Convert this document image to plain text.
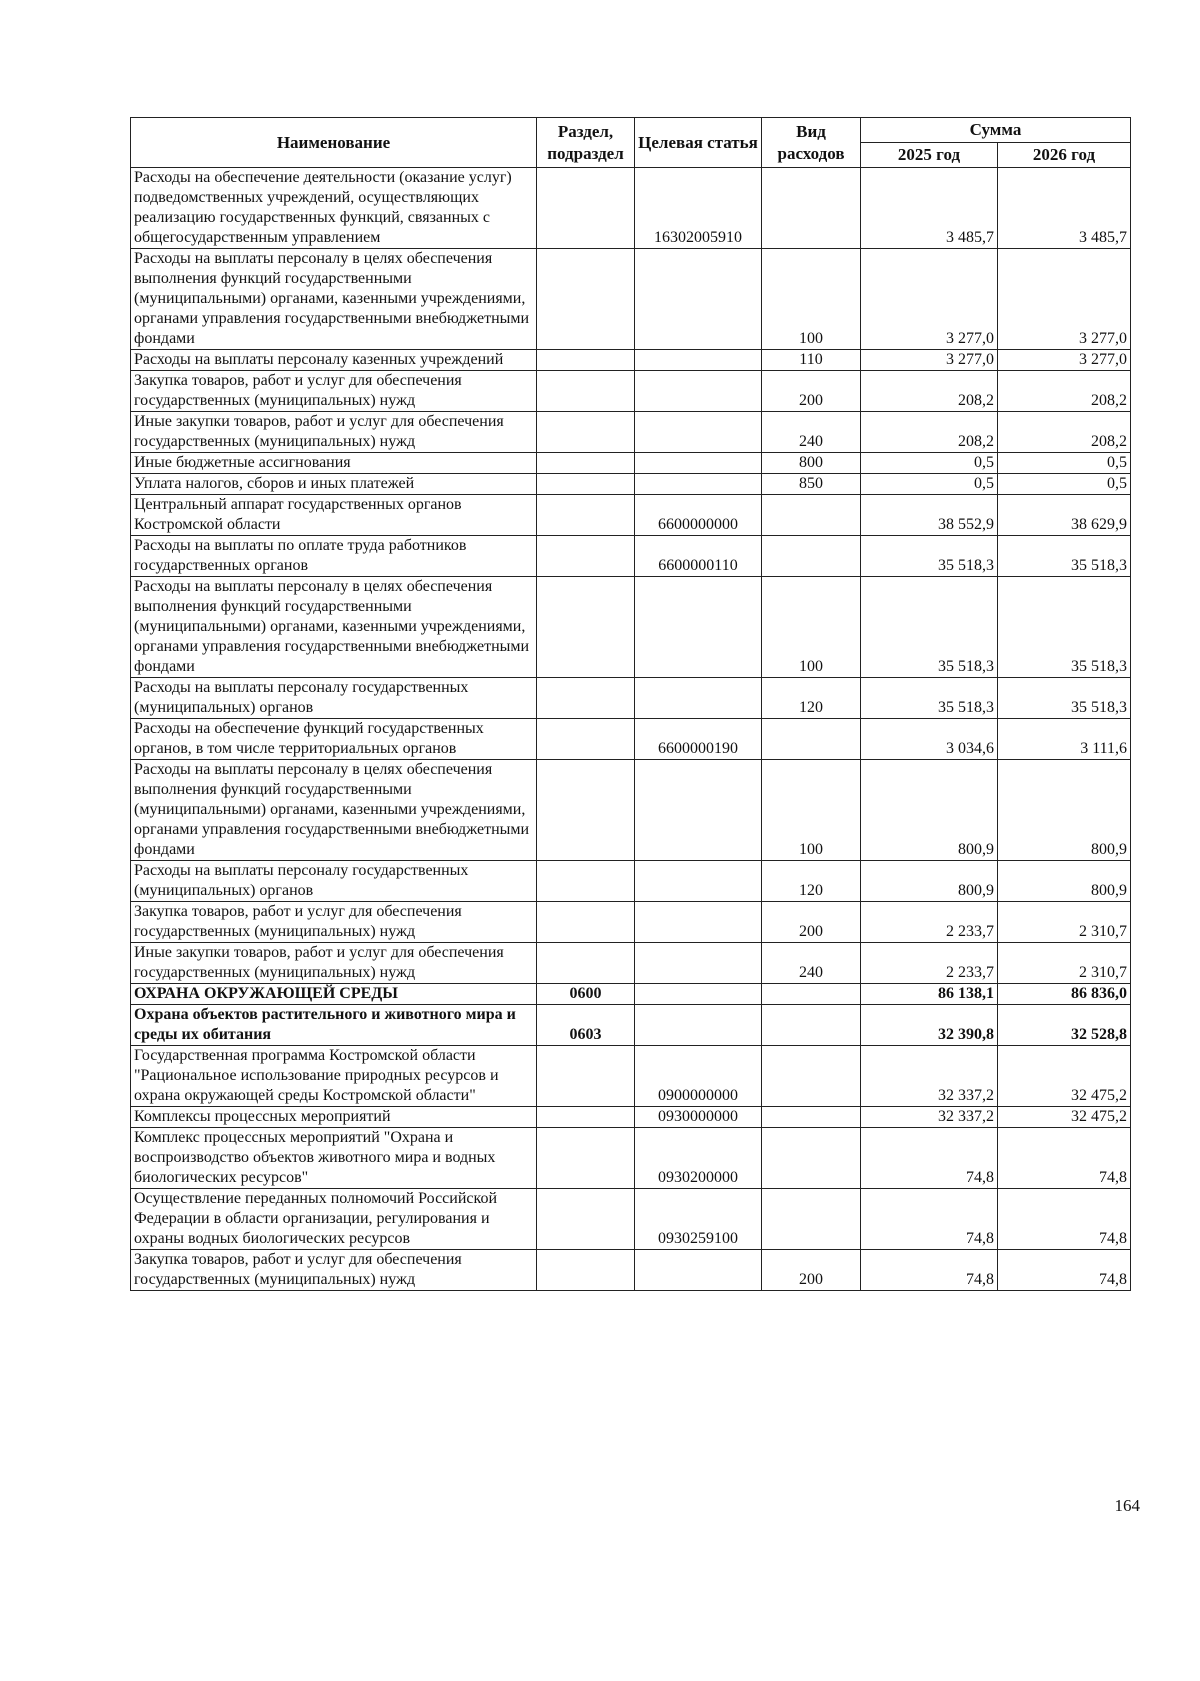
Наименование	Раздел, подраздел	Целевая статья	Вид расходов	Сумма	
				2025 год	2026 год
Расходы на обеспечение деятельности (оказание услуг) подведомственных учреждений, осуществляющих реализацию государственных функций, связанных с общегосударственным управлением		16302005910		3 485,7	3 485,7
Расходы на выплаты персоналу в целях обеспечения выполнения функций государственными (муниципальными) органами, казенными учреждениями, органами управления государственными внебюджетными фондами			100	3 277,0	3 277,0
Расходы на выплаты персоналу казенных учреждений			110	3 277,0	3 277,0
Закупка товаров, работ и услуг для обеспечения государственных (муниципальных) нужд			200	208,2	208,2
Иные закупки товаров, работ и услуг для обеспечения государственных (муниципальных) нужд			240	208,2	208,2
Иные бюджетные ассигнования			800	0,5	0,5
Уплата налогов, сборов и иных платежей			850	0,5	0,5
Центральный аппарат государственных органов Костромской области		6600000000		38 552,9	38 629,9
Расходы на выплаты по оплате труда работников государственных органов		6600000110		35 518,3	35 518,3
Расходы на выплаты персоналу в целях обеспечения выполнения функций государственными (муниципальными) органами, казенными учреждениями, органами управления государственными внебюджетными фондами			100	35 518,3	35 518,3
Расходы на выплаты персоналу государственных (муниципальных) органов			120	35 518,3	35 518,3
Расходы на обеспечение функций государственных органов, в том числе территориальных органов		6600000190		3 034,6	3 111,6
Расходы на выплаты персоналу в целях обеспечения выполнения функций государственными (муниципальными) органами, казенными учреждениями, органами управления государственными внебюджетными фондами			100	800,9	800,9
Расходы на выплаты персоналу государственных (муниципальных) органов			120	800,9	800,9
Закупка товаров, работ и услуг для обеспечения государственных (муниципальных) нужд			200	2 233,7	2 310,7
Иные закупки товаров, работ и услуг для обеспечения государственных (муниципальных) нужд			240	2 233,7	2 310,7
ОХРАНА ОКРУЖАЮЩЕЙ СРЕДЫ	0600			86 138,1	86 836,0
Охрана объектов растительного и животного мира и среды их обитания	0603			32 390,8	32 528,8
Государственная программа Костромской области "Рациональное использование природных ресурсов и охрана окружающей среды Костромской области"		0900000000		32 337,2	32 475,2
Комплексы процессных мероприятий		0930000000		32 337,2	32 475,2
Комплекс процессных мероприятий "Охрана и воспроизводство объектов животного мира и водных биологических ресурсов"		0930200000		74,8	74,8
Осуществление переданных полномочий Российской Федерации в области организации, регулирования и охраны водных биологических ресурсов		0930259100		74,8	74,8
Закупка товаров, работ и услуг для обеспечения государственных (муниципальных) нужд			200	74,8	74,8
164
